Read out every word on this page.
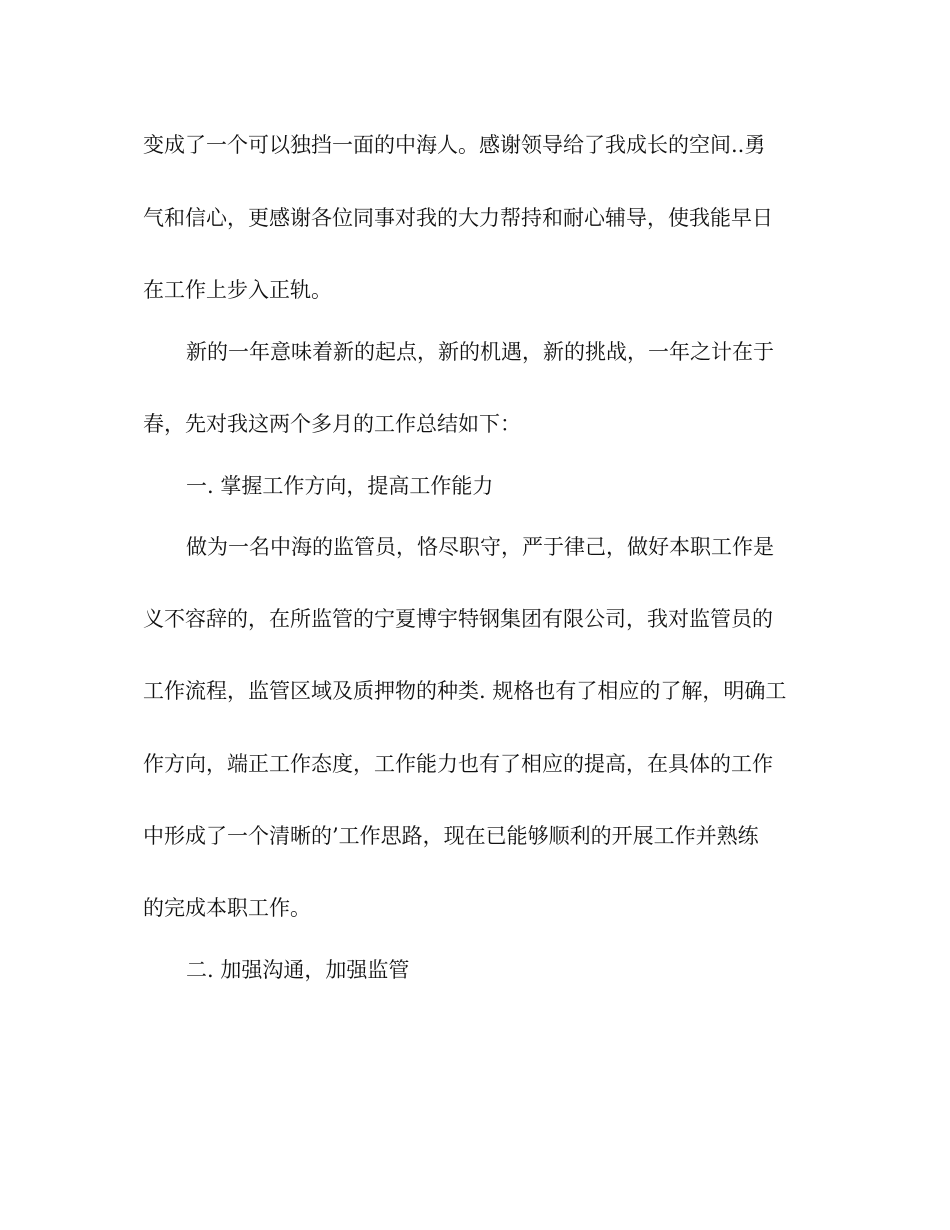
变成了一个可以独挡一面的中海人。感谢领导给了我成长的空间..勇
气和信心，更感谢各位同事对我的大力帮持和耐心辅导，使我能早日
在工作上步入正轨。
新的一年意味着新的起点，新的机遇，新的挑战，一年之计在于
春，先对我这两个多月的工作总结如下：
一. 掌握工作方向，提高工作能力
做为一名中海的监管员，恪尽职守，严于律己，做好本职工作是
义不容辞的，在所监管的宁夏博宇特钢集团有限公司，我对监管员的
工作流程，监管区域及质押物的种类. 规格也有了相应的了解，明确工
作方向，端正工作态度，工作能力也有了相应的提高，在具体的工作
中形成了一个清晰的’工作思路，现在已能够顺利的开展工作并熟练
的完成本职工作。
二. 加强沟通，加强监管
